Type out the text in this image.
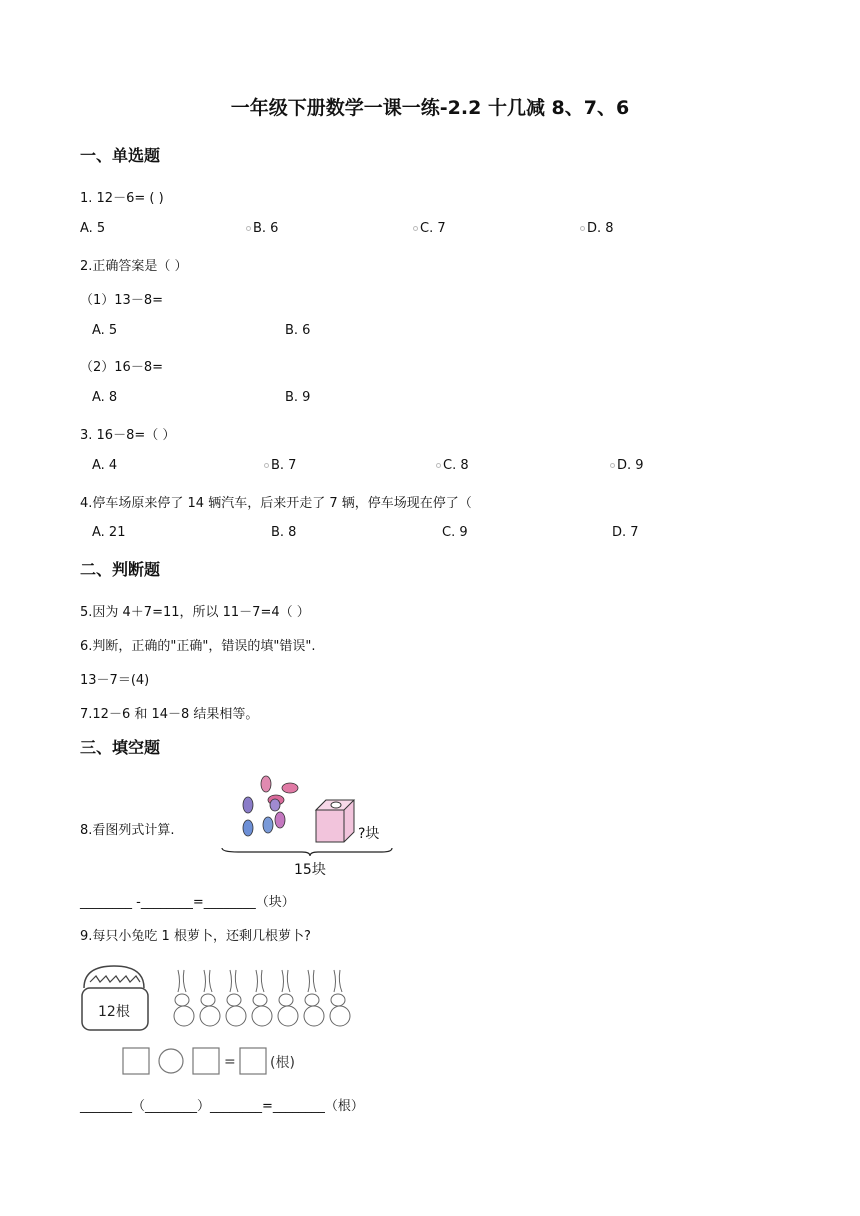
一年级下册数学一课一练-2.2 十几减 8、7、6
一、单选题
1. 12－6= ( )
A. 5	B. 6	C. 7	D. 8
2.正确答案是（ ）
（1）13－8=
A. 5	B. 6
（2）16－8=
A. 8	B. 9
3. 16－8=（ ）
A. 4	B. 7	C. 8	D. 9
4.停车场原来停了 14 辆汽车，后来开走了 7 辆，停车场现在停了（
A. 21	B. 8	C. 9	D. 7
二、判断题
5.因为 4＋7=11，所以 11－7=4（ ）
6.判断，正确的"正确"，错误的填"错误".
13－7＝(4)
7.12－6 和 14－8 结果相等。
三、填空题
8.看图列式计算.	?块
15块
________ -________=________（块）
9.每只小兔吃 1 根萝卜，还剩几根萝卜?
12根
= (根)
________（________）________=________（根）
